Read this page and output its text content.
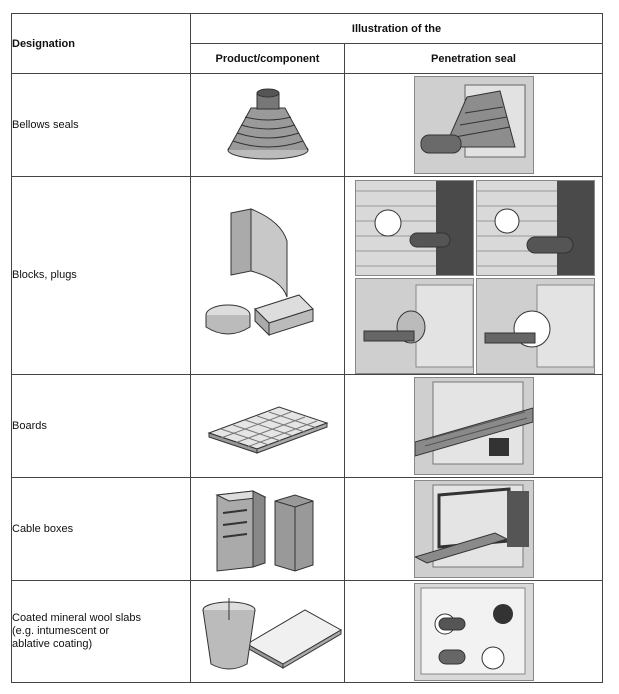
Designation	Illustration of the	
	Product/component	Penetration seal
Bellows seals	

Blocks, plugs	

Boards	

Cable boxes	

Coated mineral wool slabs
(e.g. intumescent or
ablative coating)	
